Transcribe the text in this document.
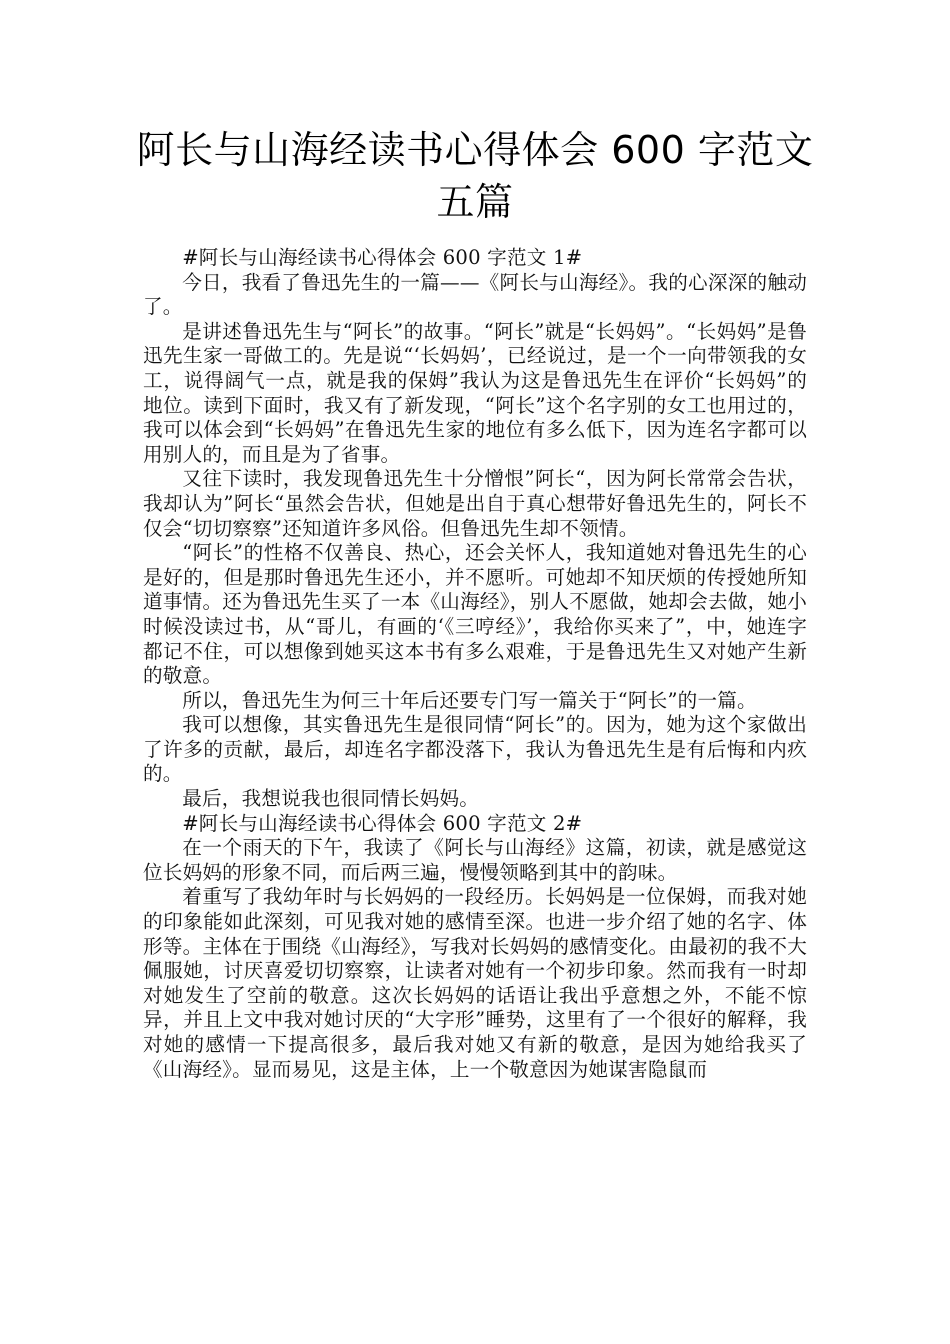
阿长与山海经读书心得体会 600 字范文
五篇

#阿长与山海经读书心得体会 600 字范文 1#

今日，我看了鲁迅先生的一篇——《阿长与山海经》。我的心深深的触动了。

是讲述鲁迅先生与“阿长”的故事。“阿长”就是“长妈妈”。“长妈妈”是鲁迅先生家一哥做工的。先是说“‘长妈妈’，已经说过，是一个一向带领我的女工，说得阔气一点，就是我的保姆”我认为这是鲁迅先生在评价“长妈妈”的地位。读到下面时，我又有了新发现，“阿长”这个名字别的女工也用过的，我可以体会到“长妈妈”在鲁迅先生家的地位有多么低下，因为连名字都可以用别人的，而且是为了省事。

又往下读时，我发现鲁迅先生十分憎恨”阿长“，因为阿长常常会告状，我却认为”阿长“虽然会告状，但她是出自于真心想带好鲁迅先生的，阿长不仅会“切切察察”还知道许多风俗。但鲁迅先生却不领情。

“阿长”的性格不仅善良、热心，还会关怀人，我知道她对鲁迅先生的心是好的，但是那时鲁迅先生还小，并不愿听。可她却不知厌烦的传授她所知道事情。还为鲁迅先生买了一本《山海经》，别人不愿做，她却会去做，她小时候没读过书，从“哥儿，有画的‘《三哼经》’，我给你买来了”，中，她连字都记不住，可以想像到她买这本书有多么艰难，于是鲁迅先生又对她产生新的敬意。

所以，鲁迅先生为何三十年后还要专门写一篇关于“阿长”的一篇。

我可以想像，其实鲁迅先生是很同情“阿长”的。因为，她为这个家做出了许多的贡献，最后，却连名字都没落下，我认为鲁迅先生是有后悔和内疚的。

最后，我想说我也很同情长妈妈。

#阿长与山海经读书心得体会 600 字范文 2#

在一个雨天的下午，我读了《阿长与山海经》这篇，初读，就是感觉这位长妈妈的形象不同，而后两三遍，慢慢领略到其中的韵味。

着重写了我幼年时与长妈妈的一段经历。长妈妈是一位保姆，而我对她的印象能如此深刻，可见我对她的感情至深。也进一步介绍了她的名字、体形等。主体在于围绕《山海经》，写我对长妈妈的感情变化。由最初的我不大佩服她，讨厌喜爱切切察察，让读者对她有一个初步印象。然而我有一时却对她发生了空前的敬意。这次长妈妈的话语让我出乎意想之外，不能不惊异，并且上文中我对她讨厌的“大字形”睡势，这里有了一个很好的解释，我对她的感情一下提高很多，最后我对她又有新的敬意，是因为她给我买了《山海经》。显而易见，这是主体，上一个敬意因为她谋害隐鼠而
